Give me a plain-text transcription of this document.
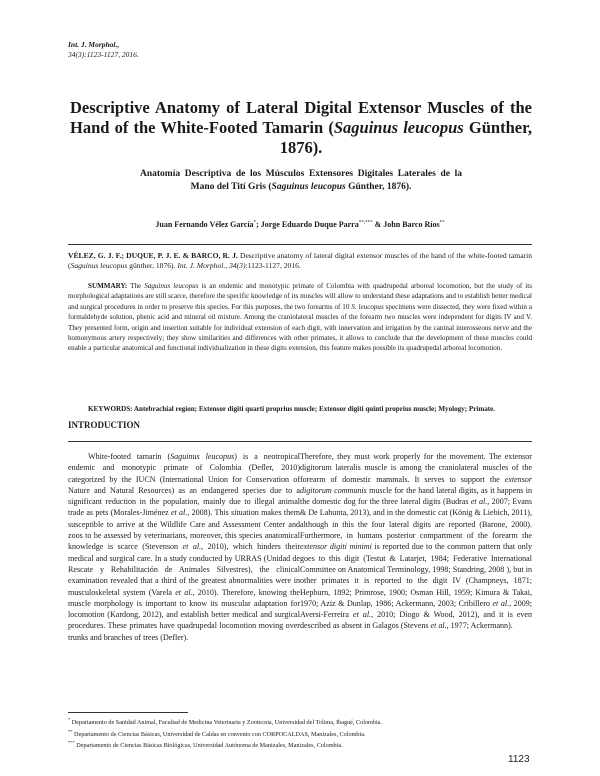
Int. J. Morphol.,
34(3):1123-1127, 2016.
Descriptive Anatomy of Lateral Digital Extensor Muscles of the Hand of the White-Footed Tamarin (Saguinus leucopus Günther, 1876).
Anatomía Descriptiva de los Músculos Extensores Digitales Laterales de la Mano del Tití Gris (Saguinus leucopus Günther, 1876).
Juan Fernando Vélez García*; Jorge Eduardo Duque Parra**;*** & John Barco Ríos**
VÉLEZ, G. J. F.; DUQUE, P. J. E. & BARCO, R. J. Descriptive anatomy of lateral digital extensor muscles of the hand of the white-footed tamarin (Saguinus leucopus günther, 1876). Int. J. Morphol., 34(3):1123-1127, 2016.
SUMMARY: The Saguinus leucopus is an endemic and monotypic primate of Colombia with quadrupedal arboreal locomotion, but the study of its morphological adaptations are still scarce, therefore the specific knowledge of its muscles will allow to understand these adaptations and to establish better medical and surgical procedures in order to preserve this species. For this purposes, the two forearms of 10 S. leucopus specimens were dissected, they were fixed within a formaldehyde solution, phenic acid and mineral oil mixture. Among the craniolateral muscles of the forearm two muscles were independent for digits IV and V. They presented form, origin and insertion suitable for individual extension of each digit, with innervation and irrigation by the caninal interosseous nerve and the homonymous artery respectively; they show similarities and differences with other primates, it allows to conclude that the development of these muscles could enable a particular anatomical and functional individualization in these digits extension, this feature makes possible its quadrupedal arboreal locomotion.
KEYWORDS: Antebrachial region; Extensor digiti quarti proprius muscle; Extensor digiti quinti proprius muscle; Myology; Primate.
INTRODUCTION
White-footed tamarin (Saguinus leucopus) is a neotropical endemic and monotypic primate of Colombia (Defler, 2010) categorized by the IUCN (International Union for Conservation of Nature and Natural Resources) as an endangered species due to a significant reduction in the population, mainly due to illegal animal trade as pets (Morales-Jiménez et al., 2008). This situation makes them susceptible to arrive at the Wildlife Care and Assessment Center and zoos to be assessed by veterinarians, moreover, this species anatomical knowledge is scarce (Stevenson et al., 2010), which hinders their medical and surgical care. In a study conducted by URRAS (Unidad de Rescate y Rehabilitación de Animales Silvestres), the clinical examination revealed that a third of the greatest abnormalities were in musculoskeletal system (Varela et al., 2010). Therefore, knowing the muscle morphology is important to know its muscular adaptation for locomotion (Kardong, 2012), and establish better medical and surgical procedures. These primates have quadrupedal locomotion moving over trunks and branches of trees (Defler).
Therefore, they must work properly for the movement. The extensor digitorum lateralis muscle is among the craniolateral muscles of the forearm of domestic mammals. It serves to support the extensor digitorum communis muscle for the hand lateral digits, as it happens in the domestic dog for the three lateral digits (Budras et al., 2007; Evans & De Lahunta, 2013), and in the domestic cat (König & Liebich, 2011), although in this the four lateral digits are reported (Barone, 2000). Furthermore, in humans posterior compartment of the forearm the extensor digiti minimi is reported due to the common pattern that only goes to this digit (Testut & Latarjet, 1984; Federative International Committee on Anatomical Terminology, 1998; Standring, 2008 ), but in other primates it is reported to the digit IV (Champneys, 1871; Hepburn, 1892; Primrose, 1900; Osman Hill, 1959; Kimura & Takai, 1970; Aziz & Dunlap, 1986; Ackermann, 2003; Cribillero et al., 2009; Aversi-Ferreira et al., 2010; Diogo & Wood, 2012), and it is even described as absent in Galagos (Stevens et al., 1977; Ackermann).
* Departamento de Sanidad Animal, Facultad de Medicina Veterinaria y Zootecnia, Universidad del Tolima, Ibagué, Colombia.
** Departamento de Ciencias Básicas, Universidad de Caldas en convenio con CORPOCALDAS, Manizales, Colombia.
*** Departamento de Ciencias Básicas Biológicas, Universidad Autónoma de Manizales, Manizales, Colombia.
1123
